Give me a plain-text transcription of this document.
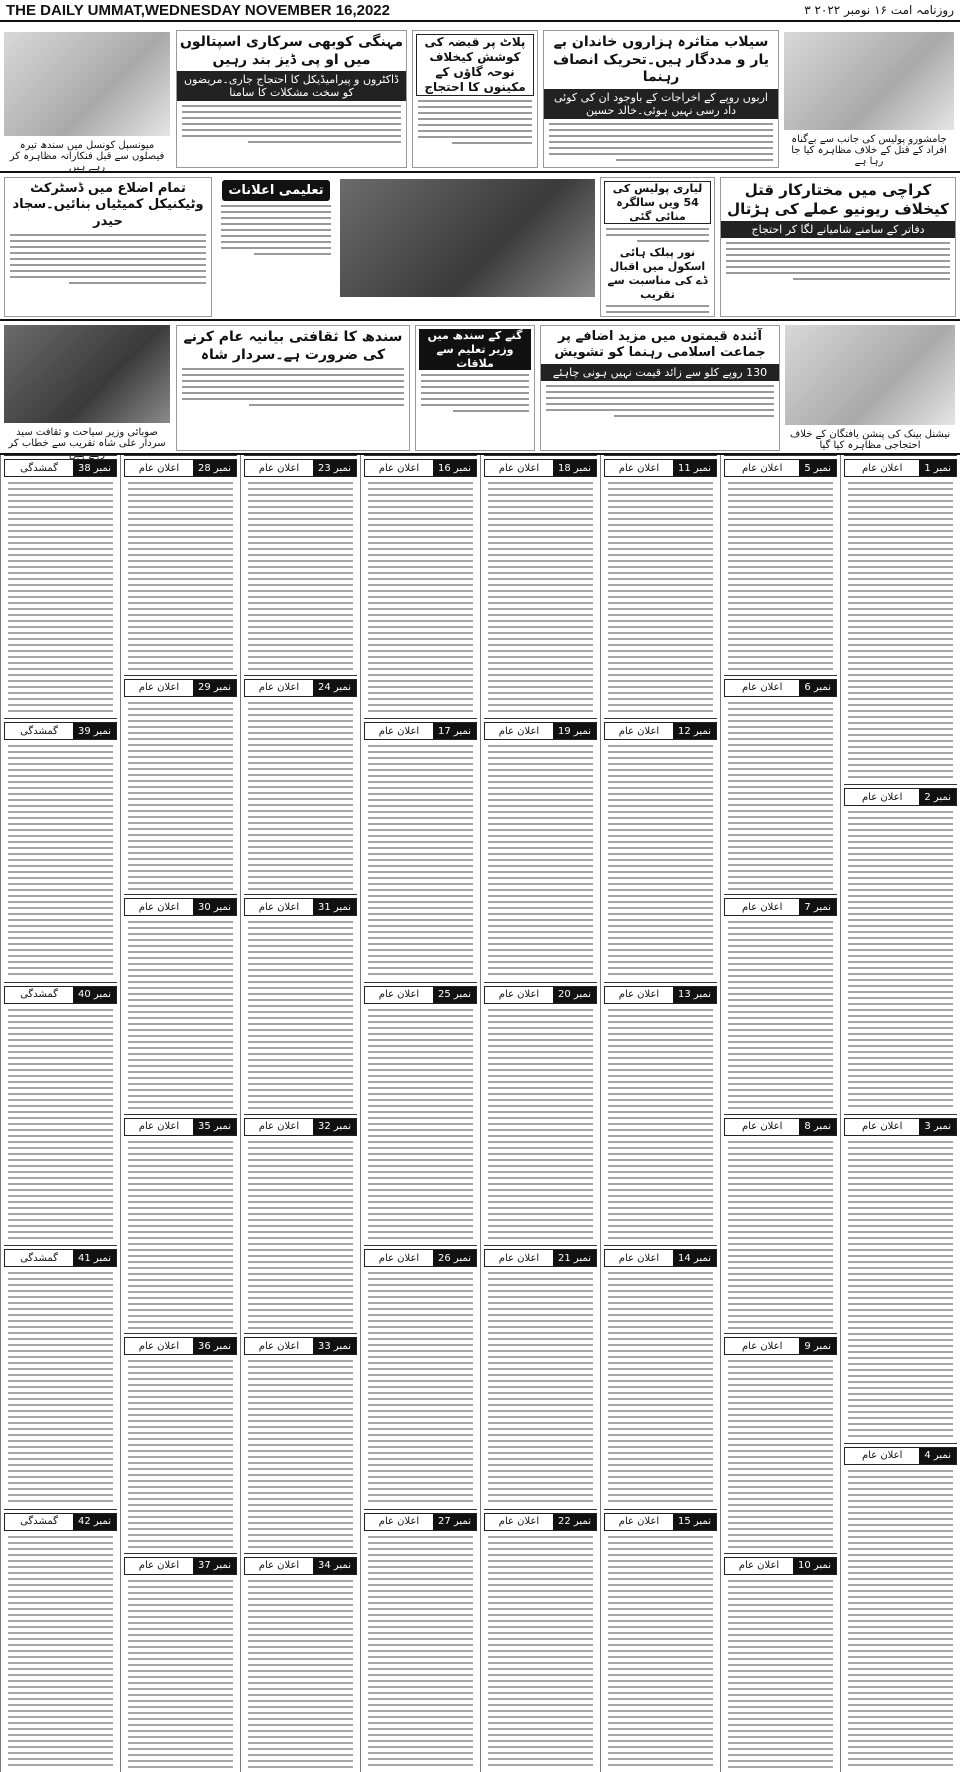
THE DAILY UMMAT,WEDNESDAY NOVEMBER 16,2022	روزنامہ امت ۱۶ نومبر ۲۰۲۲ ۳
جامشورو پولیس کی جانب سے بےگناہ افراد کے قتل کے خلاف مظاہرہ کیا جا رہا ہے
سیلاب متاثرہ ہزاروں خاندان بے یار و مددگار ہیں۔تحریک انصاف رہنما
اربوں روپے کے اخراجات کے باوجود ان کی کوئی داد رسی نہیں ہوئی۔خالد حسین
پلاٹ پر قبضہ کی کوشش کیخلاف نوحہ گاؤں کے مکینوں کا احتجاج
مہنگی کوبھی سرکاری اسپتالوں میں او پی ڈیز بند رہیں
ڈاکٹروں و پیرامیڈیکل کا احتجاج جاری۔مریضوں کو سخت مشکلات کا سامنا
میونسپل کونسل میں سندھ تیرہ فیصلوں سے قبل فنکارانہ مظاہرہ کر رہے ہیں
کراچی میں مختارکار قتل کیخلاف ریونیو عملے کی ہڑتال
دفاتر کے سامنے شامیانے لگا کر احتجاج
لیاری پولیس کی 54 ویں سالگرہ منائی گئی
نور پبلک ہائی اسکول میں اقبال ڈے کی مناسبت سے تقریب
تعلیمی اعلانات
تمام اضلاع میں ڈسٹرکٹ وٹیکنیکل کمیٹیاں بنائیں۔سجاد حیدر
نیشنل بینک کی پنشن یافتگان کے خلاف احتجاجی مظاہرہ کیا گیا
آئندہ قیمتوں میں مزید اضافے پر جماعت اسلامی رہنما کو تشویش
130 روپے کلو سے زائد قیمت نہیں ہونی چاہئے
گنے کے سندھ میں وزیر تعلیم سے ملاقات
سندھ کا ثقافتی بیانیہ عام کرنے کی ضرورت ہے۔سردار شاہ
صوبائی وزیر سیاحت و ثقافت سید سردار علی شاہ تقریب سے خطاب کر رہے ہیں
نمبر 38
گمشدگی
نمبر 39
گمشدگی
نمبر 40
گمشدگی
نمبر 41
گمشدگی
نمبر 42
گمشدگی
نمبر 28
اعلان عام
نمبر 29
اعلان عام
نمبر 30
اعلان عام
نمبر 35
اعلان عام
نمبر 36
اعلان عام
نمبر 37
اعلان عام
نمبر 23
اعلان عام
نمبر 24
اعلان عام
نمبر 31
اعلان عام
نمبر 32
اعلان عام
نمبر 33
اعلان عام
نمبر 34
اعلان عام
نمبر 16
اعلان عام
نمبر 17
اعلان عام
نمبر 25
اعلان عام
نمبر 26
اعلان عام
نمبر 27
اعلان عام
نمبر 18
اعلان عام
نمبر 19
اعلان عام
نمبر 20
اعلان عام
نمبر 21
اعلان عام
نمبر 22
اعلان عام
نمبر 11
اعلان عام
نمبر 12
اعلان عام
نمبر 13
اعلان عام
نمبر 14
اعلان عام
نمبر 15
اعلان عام
نمبر 5
اعلان عام
نمبر 6
اعلان عام
نمبر 7
اعلان عام
نمبر 8
اعلان عام
نمبر 9
اعلان عام
نمبر 10
اعلان عام
نمبر 1
اعلان عام
نمبر 2
اعلان عام
نمبر 3
اعلان عام
نمبر 4
اعلان عام
